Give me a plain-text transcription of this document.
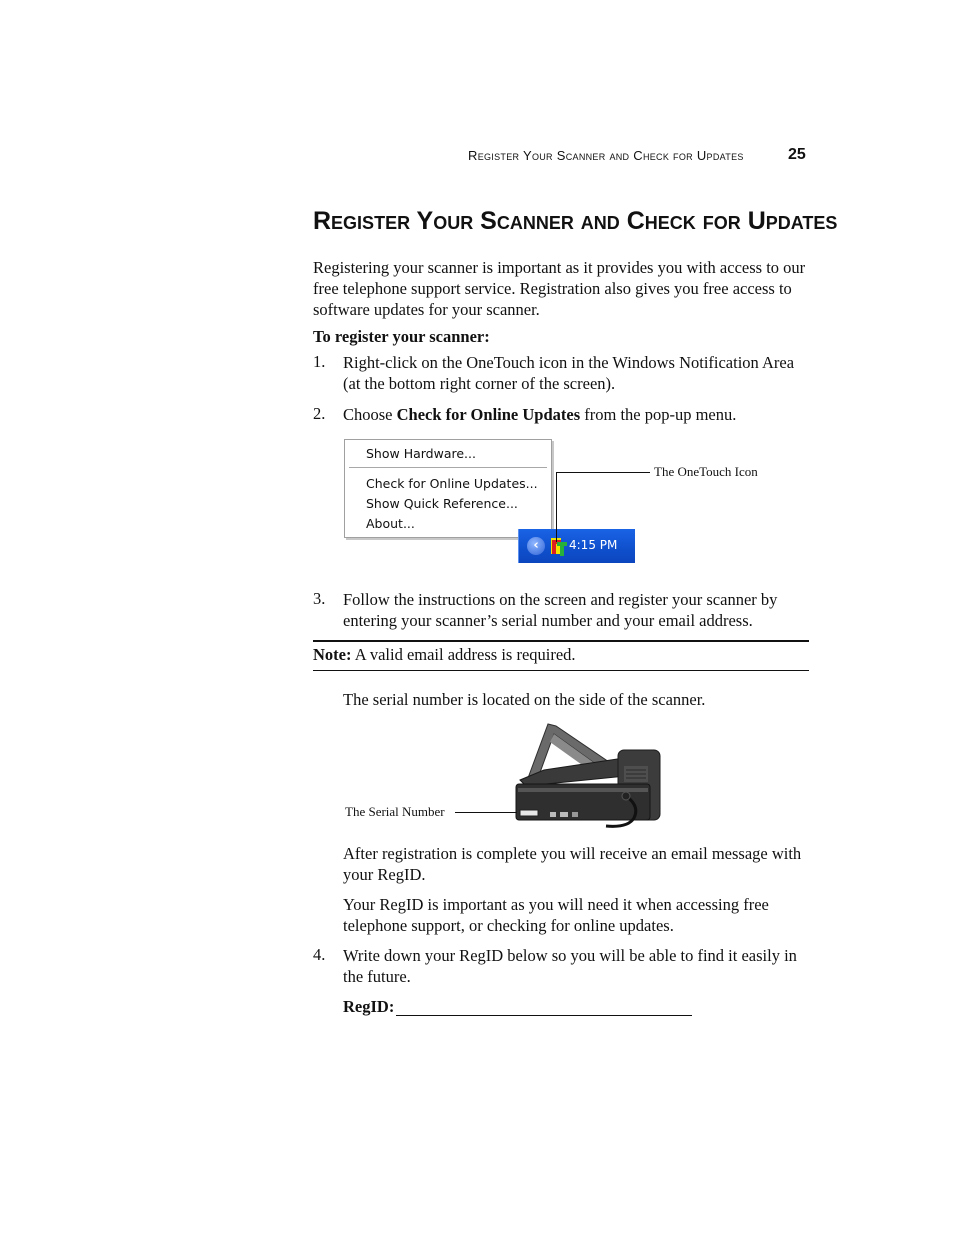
Register Your Scanner and Check for Updates	25
Register Your Scanner and Check for Updates
Registering your scanner is important as it provides you with access to our free telephone support service. Registration also gives you free access to software updates for your scanner.
To register your scanner:
1. Right-click on the OneTouch icon in the Windows Notification Area (at the bottom right corner of the screen).
2. Choose Check for Online Updates from the pop-up menu.
Show Hardware...
Check for Online Updates...
Show Quick Reference...
About...
‹	4:15 PM
The OneTouch Icon
3. Follow the instructions on the screen and register your scanner by entering your scanner’s serial number and your email address.
Note: A valid email address is required.
The serial number is located on the side of the scanner.
The Serial Number
After registration is complete you will receive an email message with your RegID.
Your RegID is important as you will need it when accessing free telephone support, or checking for online updates.
4. Write down your RegID below so you will be able to find it easily in the future.
RegID:
